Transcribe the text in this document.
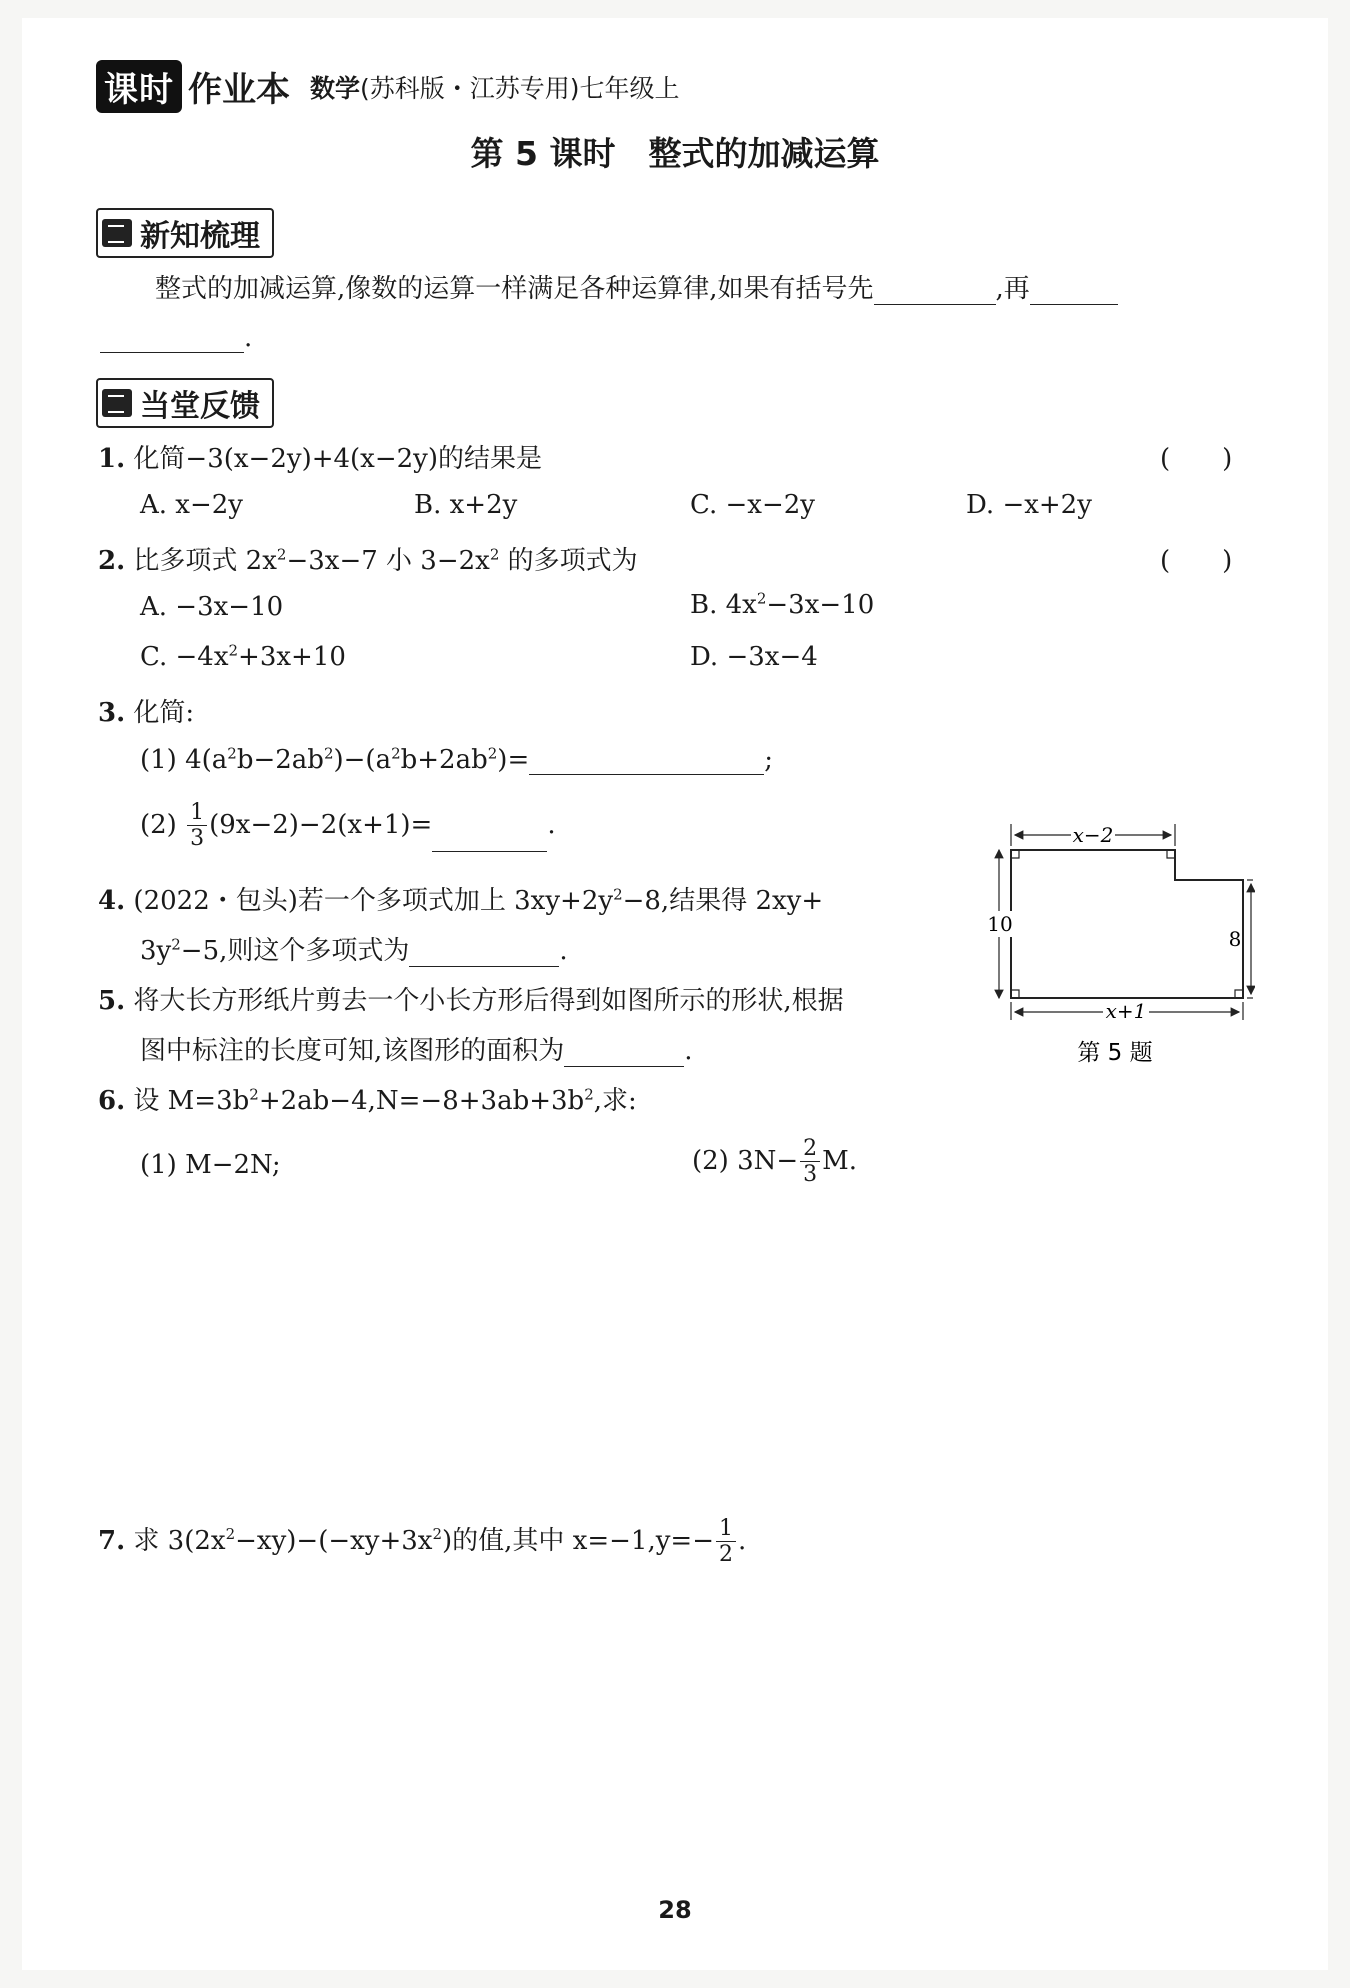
课时 作业本 数学(苏科版・江苏专用)七年级上
第 5 课时　整式的加减运算
新知梳理
整式的加减运算,像数的运算一样满足各种运算律,如果有括号先	,再
.
当堂反馈
1. 化简−3(x−2y)+4(x−2y)的结果是	(　　)
A. x−2y	B. x+2y	C. −x−2y	D. −x+2y
2. 比多项式 $2x^2-3x-7$ 小 $3-2x^2$ 的多项式为	(　　)
A. −3x−10	B. $4x^2-3x-10$
C. $-4x^2+3x+10$	D. −3x−4
3. 化简:
(1) $4(a^2b-2ab^2)-(a^2b+2ab^2)=$	;
$(2) \frac{1}{3} (9x-2)-2(x+1)=$	.
4. (2022・包头)若一个多项式加上 $3xy+2y^2-8$,结果得 2xy+
$3y^2-5$,则这个多项式为	.
5. 将大长方形纸片剪去一个小长方形后得到如图所示的形状,根据
图中标注的长度可知,该图形的面积为	.
x−2
10
8
x+1
第 5 题
6. 设 $M=3b^2+2ab-4,N=-8+3ab+3b^2$,求:
(1) M−2N;	(2) $3N- \frac{2}{3} M$.
7. 求 $3(2x^2-xy)-(-xy+3x^2)$的值,其中 $x=-1,y=- \frac{1}{2}$ .
28
